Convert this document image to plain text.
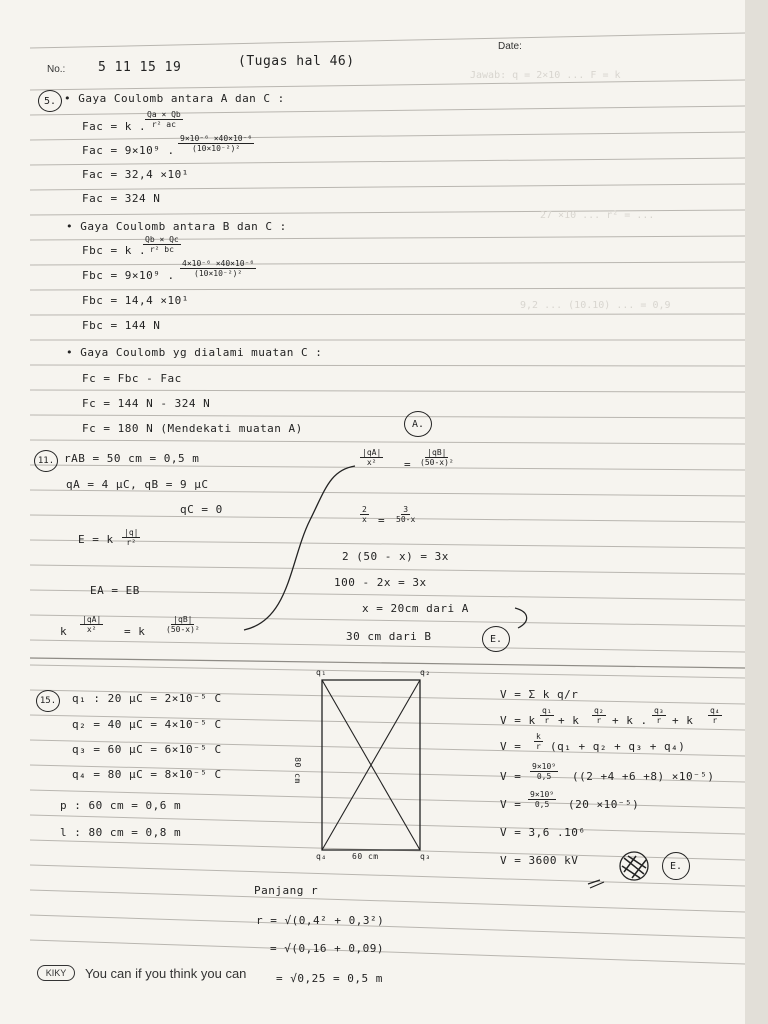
Jawab: q = 2×10 ... F = k
27 ×10 ... r² = ...
9,2 ... (10.10) ... = 0,9
No.:
Date:
5 11 15 19	(Tugas hal 46)
5. • Gaya Coulomb antara A dan C :
Fac = k .
$\frac{Qa \times Qb}{\text{r² ac}}$
Fac = 9×10⁹ . $\frac{\text{9×10⁻⁶ ×40×10⁻⁶}}{\text{(10×10⁻²)²}}$
Fac = 32,4 ×10¹
Fac = 324 N
• Gaya Coulomb antara B dan C :
Fbc = k .
$\frac{Qb \times Qc}{\text{r² bc}}$
Fbc = 9×10⁹ . $\frac{\text{4×10⁻⁶ ×40×10⁻⁶}}{\text{(10×10⁻²)²}}$
Fbc = 14,4 ×10¹
Fbc = 144 N
• Gaya Coulomb yg dialami muatan C :
Fc = Fbc - Fac
Fc = 144 N - 324 N
Fc = 180 N (Mendekati muatan A)	A.
11. rAB = 50 cm = 0,5 m
qA = 4 μC, qB = 9 μC
qC = 0
E = k $\frac{|q|}{\text{r²}}$
EA = EB
k $\frac{|qA|}{\text{x²}} = k$	$\frac{|qB|}{\text{(50-x)²}}$
$\frac{|qA|}{\text{x²}} = \frac{|qB|}{\text{(50-x)²}}$
$\frac{2}{x} = \frac{3}{50-x}$
2 (50 - x) = 3x
100 - 2x = 3x
x = 20cm dari A
30 cm dari B	E.
15.	q₁ : 20 μC = 2×10⁻⁵ C
q₂ = 40 μC = 4×10⁻⁵ C
q₃ = 60 μC = 6×10⁻⁵ C
q₄ = 80 μC = 8×10⁻⁵ C
p : 60 cm = 0,6 m
l : 80 cm = 0,8 m
q₁	q₂
q₃
q₄	60 cm
80 cm
V = Σ k q/r
V = k $\frac{\text{q₁}}{r} + k \frac{\text{q₂}}{r} + k$ . $\frac{\text{q₃}}{r} + k \frac{\text{q₄}}{r}$
$V = \frac{k}{r} (q_1 + q_2 + q_3 + q_4)$
$V = \frac{\text{9×10⁹}}{0,5} ((2 +4 +6 +8) \times 10^{-5})$
$V = \frac{\text{9×10⁹}}{0,5} (20 \times 10^{-5})$
V = 3,6 .10⁶
V = 3600 kV	E.
Panjang r
r = √(0,4² + 0,3²)
= √(0,16 + 0,09)
= √0,25 = 0,5 m
KIKY	You can if you think you can
